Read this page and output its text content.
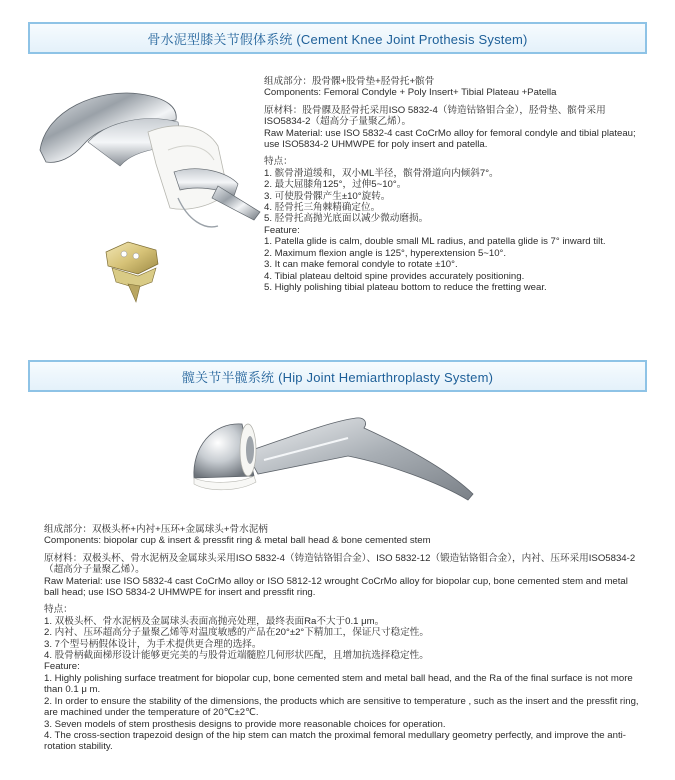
骨水泥型膝关节假体系统 (Cement Knee Joint Prothesis System)

组成部分：股骨髁+股骨垫+胫骨托+髌骨

Components: Femoral Condyle + Poly Insert+ Tibial Plateau +Patella

原材料：股骨髁及胫骨托采用ISO 5832-4（铸造钴铬钼合金），胫骨垫、髌骨采用ISO5834-2（超高分子量聚乙烯）。

Raw Material: use ISO 5832-4 cast CoCrMo alloy for femoral condyle and tibial plateau; use ISO5834-2 UHMWPE for poly insert and patella.

特点：

1. 髌骨滑道缓和，双小ML半径，髌骨滑道向内倾斜7°。

2. 最大屈膝角125°，过伸5~10°。

3. 可使股骨髁产生±10°旋转。

4. 胫骨托三角棘精确定位。

5. 胫骨托高抛光底面以减少微动磨损。

Feature:

1. Patella glide is calm, double small ML radius, and patella glide is 7° inward tilt.

2. Maximum flexion angle is 125°, hyperextension 5~10°.

3. It can make femoral condyle to rotate ±10°.

4. Tibial plateau deltoid spine provides accurately positioning.

5. Highly polishing tibial plateau bottom to reduce the fretting wear.

髋关节半髋系统 (Hip Joint Hemiarthroplasty System)

组成部分：双极头杯+内衬+压环+金属球头+骨水泥柄

Components: biopolar cup & insert & pressfit ring & metal ball head & bone cemented stem

原材料：双极头杯、骨水泥柄及金属球头采用ISO 5832-4（铸造钴铬钼合金）、ISO 5832-12（锻造钴铬钼合金），内衬、压环采用ISO5834-2（超高分子量聚乙烯）。

Raw Material: use ISO 5832-4 cast CoCrMo alloy or ISO 5812-12 wrought CoCrMo alloy for biopolar cup, bone cemented stem and metal ball head; use ISO 5834-2 UHMWPE for insert and pressfit ring.

特点：

1. 双极头杯、骨水泥柄及金属球头表面高抛亮处理，最终表面Ra不大于0.1 μm。

2. 内衬、压环超高分子量聚乙烯等对温度敏感的产品在20°±2°下精加工，保证尺寸稳定性。

3. 7个型号柄假体设计，为手术提供更合理的选择。

4. 股骨柄截面梯形设计能够更完美的与股骨近端髓腔几何形状匹配，且增加抗选择稳定性。

Feature:

1. Highly polishing surface treatment for biopolar cup, bone cemented stem and metal ball head, and the Ra of the final surface is not more than 0.1 μ m.

2. In order to ensure the stability of the dimensions, the products which are sensitive to temperature , such as the insert and the pressfit ring, are machined under the temperature of 20℃±2℃.

3. Seven models of stem prosthesis designs to provide more reasonable choices for operation.

4. The cross-section trapezoid design of the hip stem can match the proximal femoral medullary geometry perfectly, and improve the anti-rotation stability.
